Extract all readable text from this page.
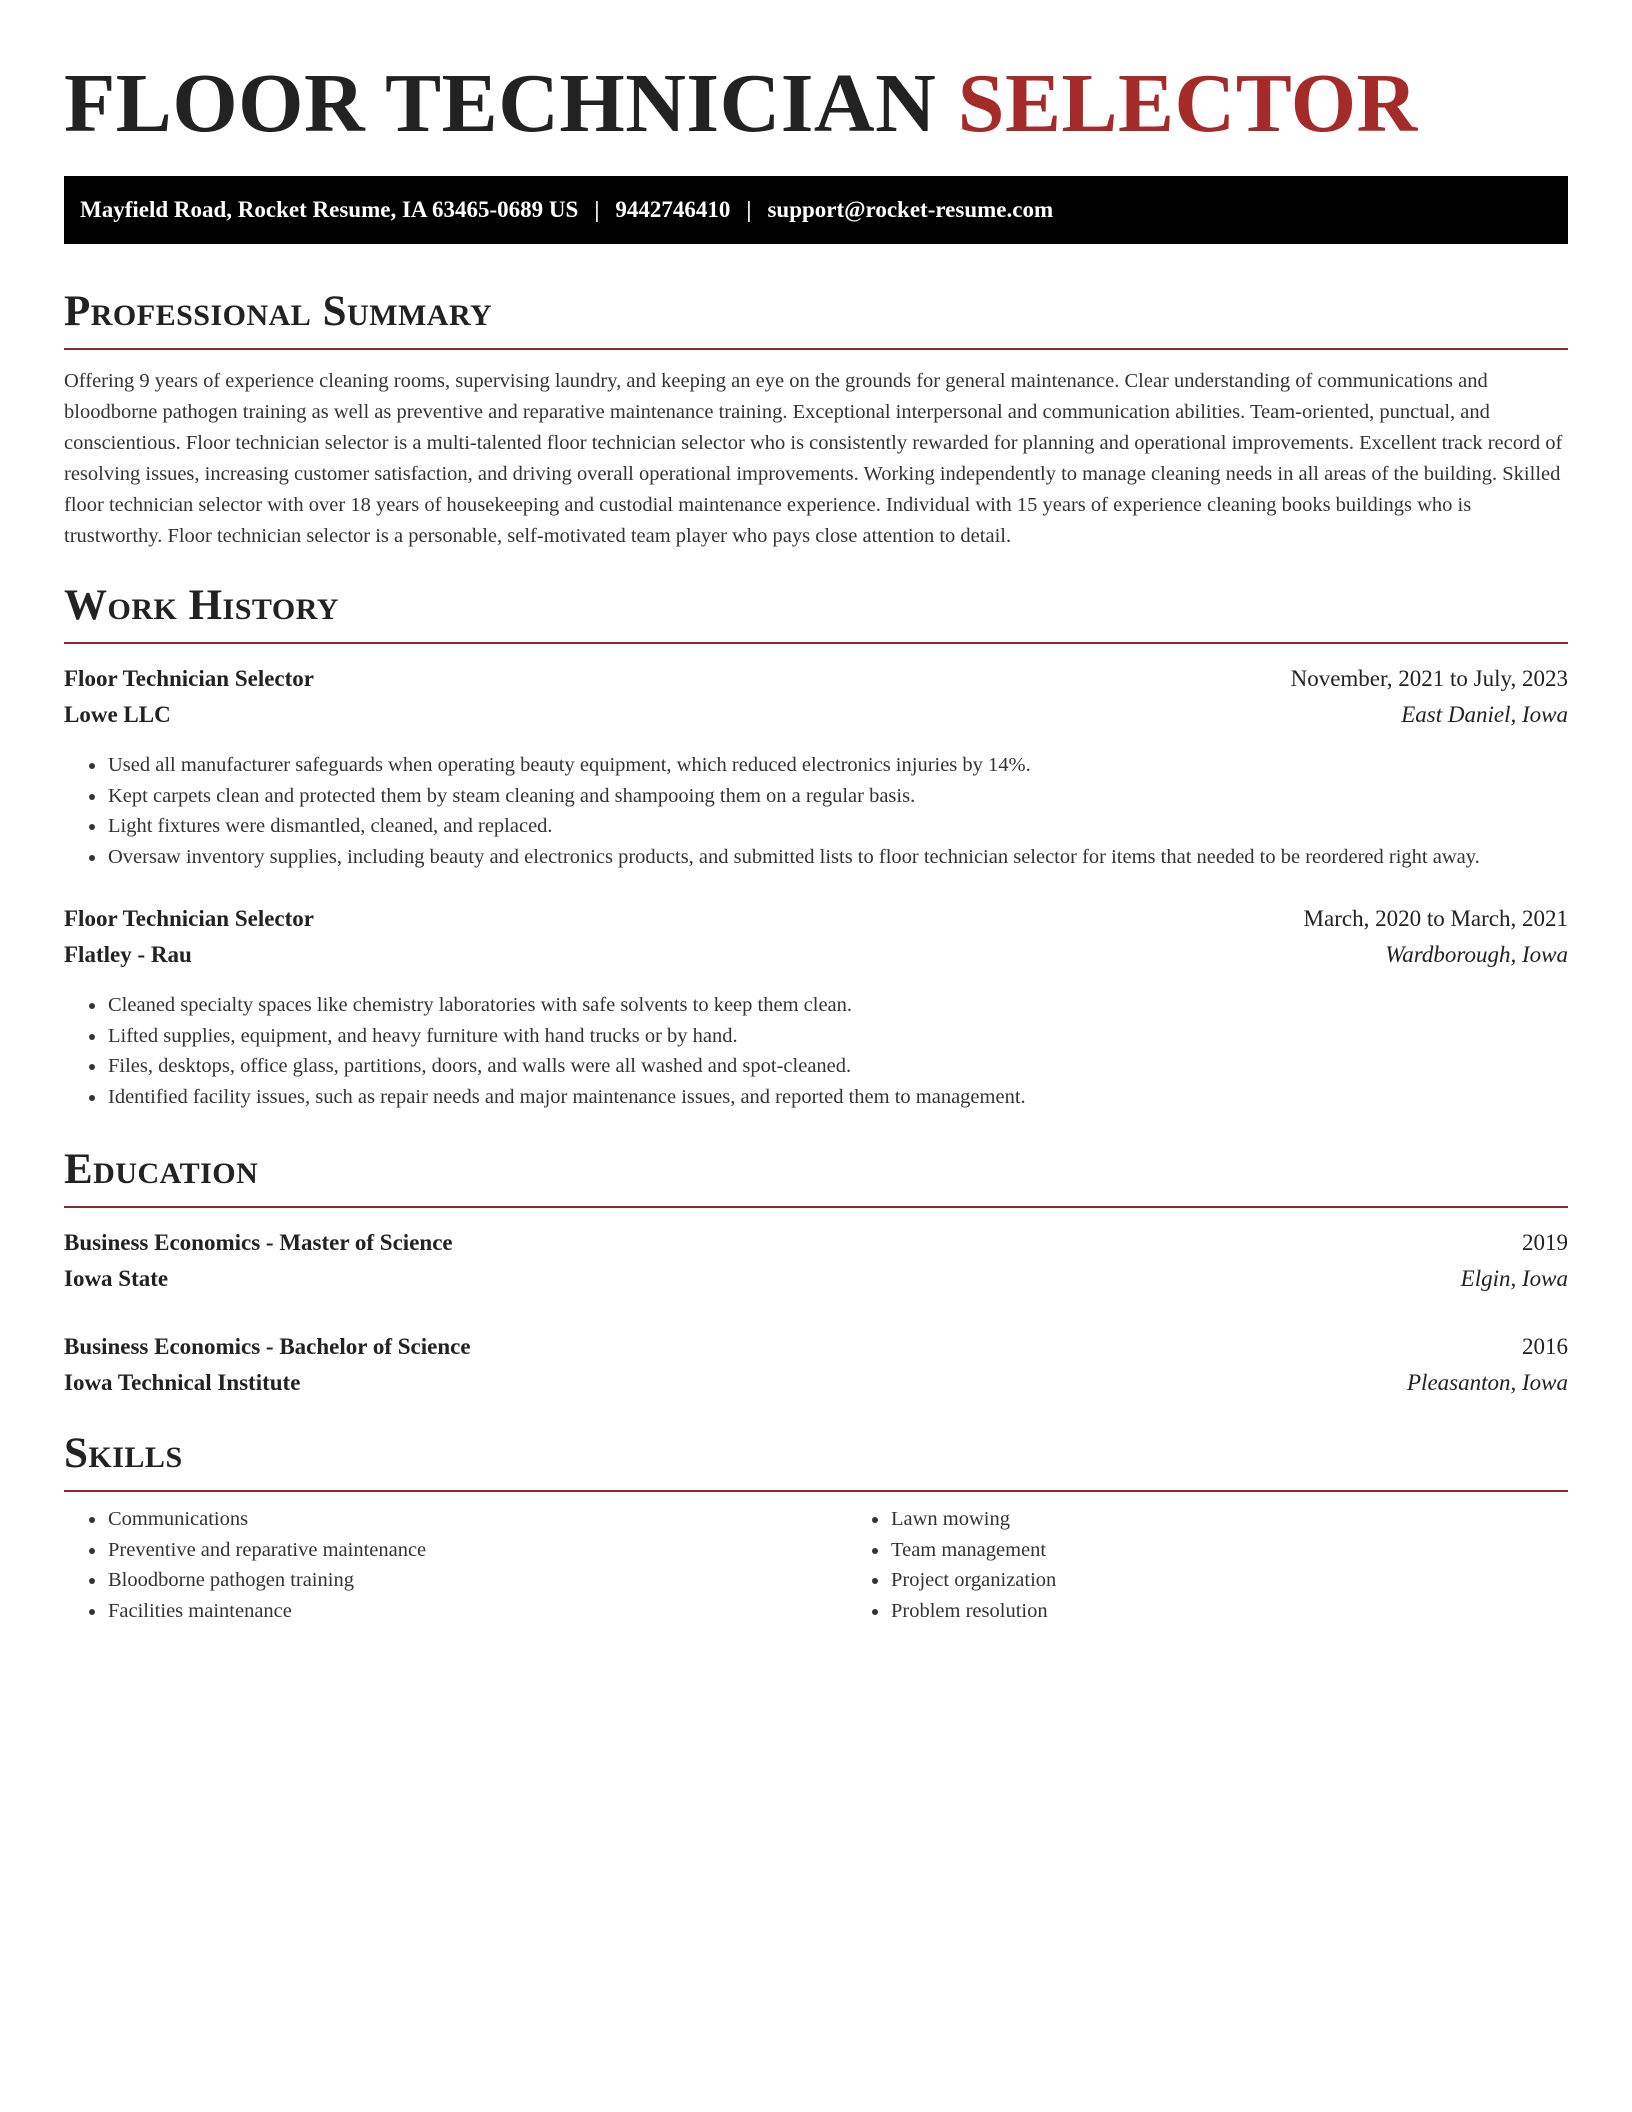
FLOOR TECHNICIAN SELECTOR
Mayfield Road, Rocket Resume, IA 63465-0689 US | 9442746410 | support@rocket-resume.com
Professional Summary

Offering 9 years of experience cleaning rooms, supervising laundry, and keeping an eye on the grounds for general maintenance. Clear understanding of communications and bloodborne pathogen training as well as preventive and reparative maintenance training. Exceptional interpersonal and communication abilities. Team-oriented, punctual, and conscientious. Floor technician selector is a multi-talented floor technician selector who is consistently rewarded for planning and operational improvements. Excellent track record of resolving issues, increasing customer satisfaction, and driving overall operational improvements. Working independently to manage cleaning needs in all areas of the building. Skilled floor technician selector with over 18 years of housekeeping and custodial maintenance experience. Individual with 15 years of experience cleaning books buildings who is trustworthy. Floor technician selector is a personable, self-motivated team player who pays close attention to detail.

Work History
Floor Technician Selector	November, 2021 to July, 2023
Lowe LLC	East Daniel, Iowa
• Used all manufacturer safeguards when operating beauty equipment, which reduced electronics injuries by 14%.
• Kept carpets clean and protected them by steam cleaning and shampooing them on a regular basis.
• Light fixtures were dismantled, cleaned, and replaced.
• Oversaw inventory supplies, including beauty and electronics products, and submitted lists to floor technician selector for items that needed to be reordered right away.
Floor Technician Selector	March, 2020 to March, 2021
Flatley - Rau	Wardborough, Iowa
• Cleaned specialty spaces like chemistry laboratories with safe solvents to keep them clean.
• Lifted supplies, equipment, and heavy furniture with hand trucks or by hand.
• Files, desktops, office glass, partitions, doors, and walls were all washed and spot-cleaned.
• Identified facility issues, such as repair needs and major maintenance issues, and reported them to management.
Education
Business Economics - Master of Science	2019
Iowa State	Elgin, Iowa
Business Economics - Bachelor of Science	2016
Iowa Technical Institute	Pleasanton, Iowa
Skills
• Communications
• Preventive and reparative maintenance
• Bloodborne pathogen training
• Facilities maintenance
• Lawn mowing
• Team management
• Project organization
• Problem resolution
